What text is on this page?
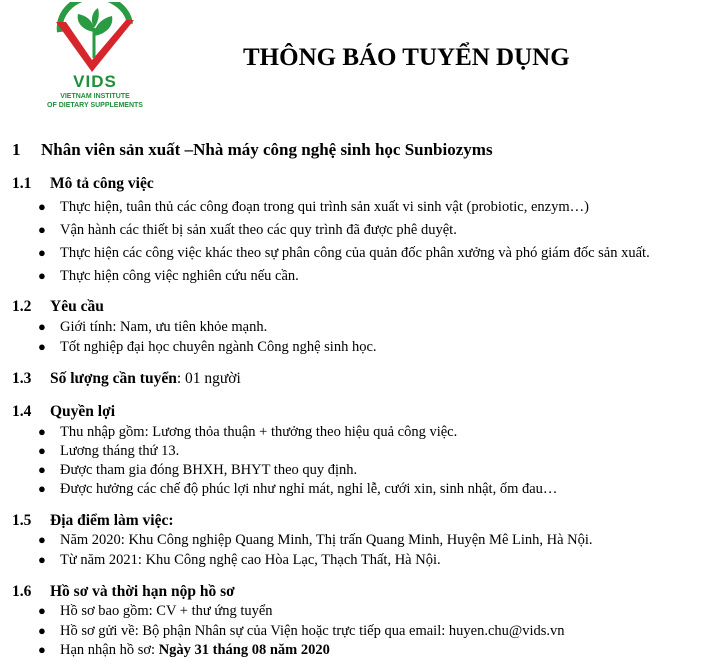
VIDS
VIETNAM INSTITUTE
OF DIETARY SUPPLEMENTS
THÔNG BÁO TUYỂN DỤNG
1 Nhân viên sản xuất –Nhà máy công nghệ sinh học Sunbiozyms
1.1 Mô tả công việc
● Thực hiện, tuân thủ các công đoạn trong qui trình sản xuất vi sinh vật (probiotic, enzym…)
● Vận hành các thiết bị sản xuất theo các quy trình đã được phê duyệt.
● Thực hiện các công việc khác theo sự phân công của quản đốc phân xưởng và phó giám đốc sản xuất.
● Thực hiện công việc nghiên cứu nếu cần.
1.2 Yêu cầu
● Giới tính: Nam, ưu tiên khỏe mạnh.
● Tốt nghiệp đại học chuyên ngành Công nghệ sinh học.
1.3 Số lượng cần tuyển: 01 người
1.4 Quyền lợi
● Thu nhập gồm: Lương thỏa thuận + thưởng theo hiệu quả công việc.
● Lương tháng thứ 13.
● Được tham gia đóng BHXH, BHYT theo quy định.
● Được hưởng các chế độ phúc lợi như nghỉ mát, nghỉ lễ, cưới xin, sinh nhật, ốm đau…
1.5 Địa điểm làm việc:
● Năm 2020: Khu Công nghiệp Quang Minh, Thị trấn Quang Minh, Huyện Mê Linh, Hà Nội.
● Từ năm 2021: Khu Công nghệ cao Hòa Lạc, Thạch Thất, Hà Nội.
1.6 Hồ sơ và thời hạn nộp hồ sơ
● Hồ sơ bao gồm: CV + thư ứng tuyển
● Hồ sơ gửi về: Bộ phận Nhân sự của Viện hoặc trực tiếp qua email: huyen.chu@vids.vn
● Hạn nhận hồ sơ: Ngày 31 tháng 08 năm 2020
